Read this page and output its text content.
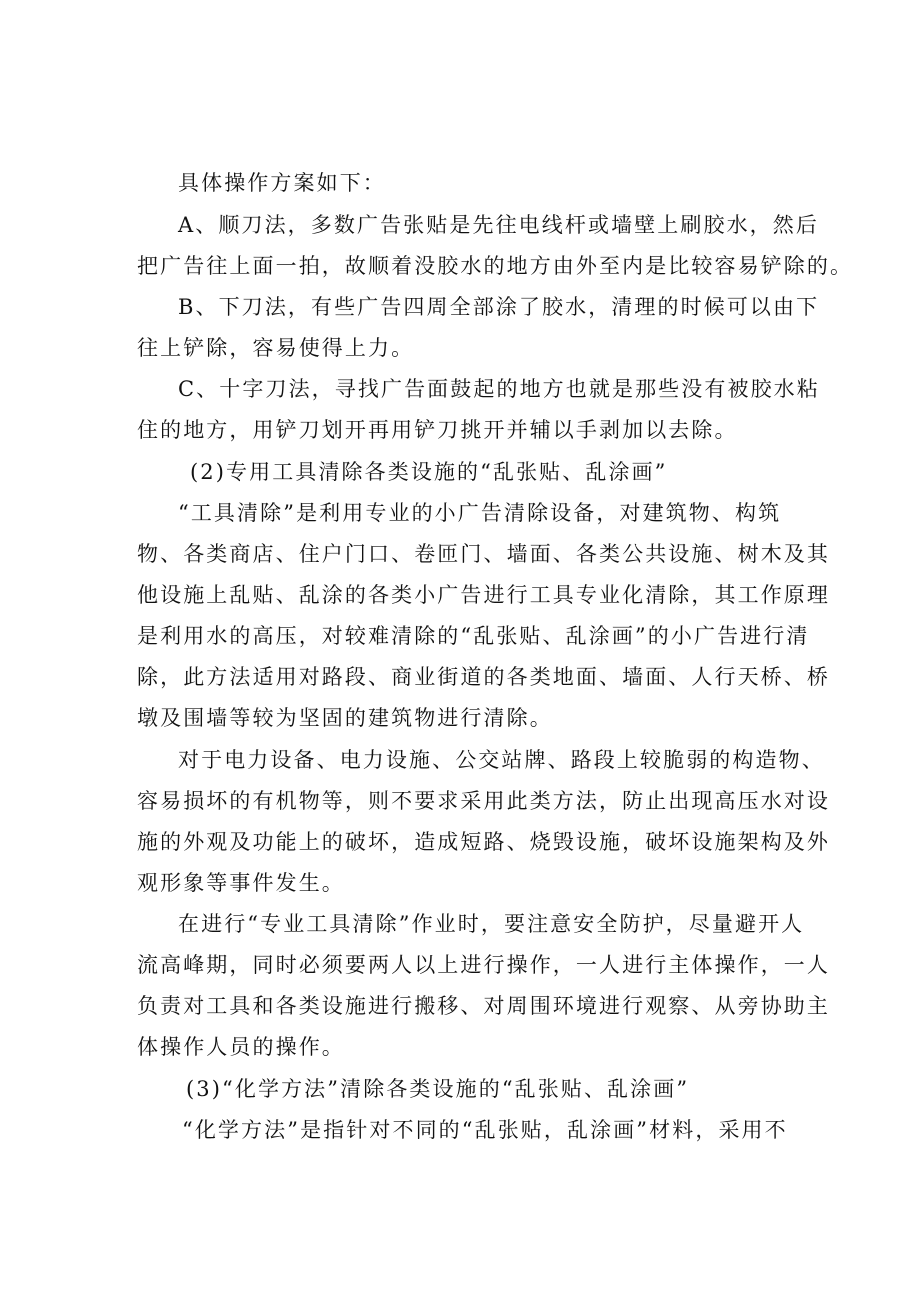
具体操作方案如下：
A、顺刀法，多数广告张贴是先往电线杆或墙壁上刷胶水，然后
把广告往上面一拍，故顺着没胶水的地方由外至内是比较容易铲除的。
B、下刀法，有些广告四周全部涂了胶水，清理的时候可以由下
往上铲除，容易使得上力。
C、十字刀法，寻找广告面鼓起的地方也就是那些没有被胶水粘
住的地方，用铲刀划开再用铲刀挑开并辅以手剥加以去除。
(2)专用工具清除各类设施的“乱张贴、乱涂画”
“工具清除”是利用专业的小广告清除设备，对建筑物、构筑
物、各类商店、住户门口、卷匝门、墙面、各类公共设施、树木及其
他设施上乱贴、乱涂的各类小广告进行工具专业化清除，其工作原理
是利用水的高压，对较难清除的“乱张贴、乱涂画”的小广告进行清
除，此方法适用对路段、商业街道的各类地面、墙面、人行天桥、桥
墩及围墙等较为坚固的建筑物进行清除。
对于电力设备、电力设施、公交站牌、路段上较脆弱的构造物、
容易损坏的有机物等，则不要求采用此类方法，防止出现高压水对设
施的外观及功能上的破坏，造成短路、烧毁设施，破坏设施架构及外
观形象等事件发生。
在进行“专业工具清除”作业时，要注意安全防护，尽量避开人
流高峰期，同时必须要两人以上进行操作，一人进行主体操作，一人
负责对工具和各类设施进行搬移、对周围环境进行观察、从旁协助主
体操作人员的操作。
(3)“化学方法”清除各类设施的“乱张贴、乱涂画”
“化学方法”是指针对不同的“乱张贴，乱涂画”材料，采用不
